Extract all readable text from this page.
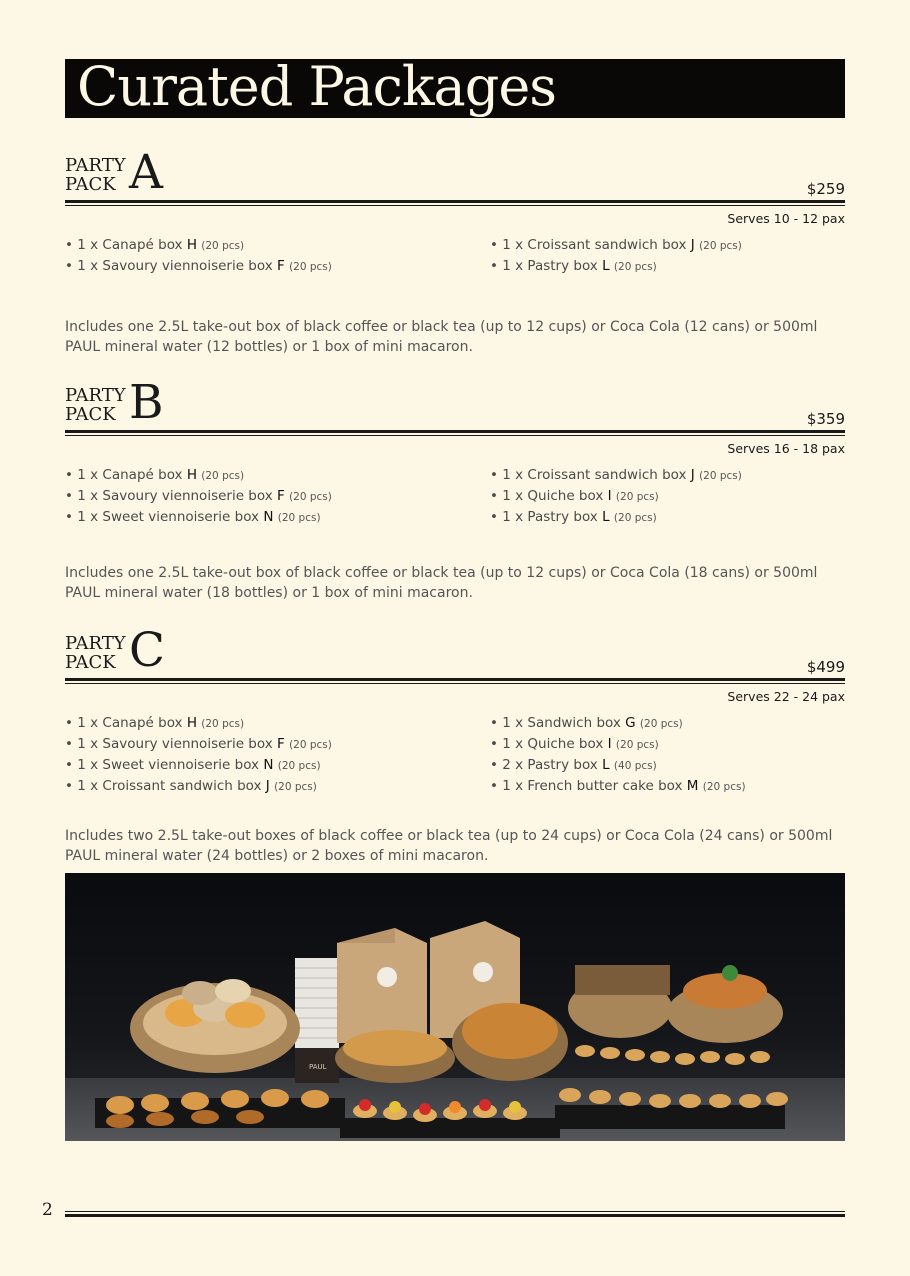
Curated Packages
PARTY
PACK A	$259
Serves 10 - 12 pax
• 1 x Canapé box H (20 pcs)
• 1 x Savoury viennoiserie box F (20 pcs)
• 1 x Croissant sandwich box J (20 pcs)
• 1 x Pastry box L (20 pcs)
Includes one 2.5L take-out box of black coffee or black tea (up to 12 cups) or Coca Cola (12 cans) or 500ml PAUL mineral water (12 bottles) or 1 box of mini macaron.
PARTY
PACK B	$359
Serves 16 - 18 pax
• 1 x Canapé box H (20 pcs)
• 1 x Savoury viennoiserie box F (20 pcs)
• 1 x Sweet viennoiserie box N (20 pcs)
• 1 x Croissant sandwich box J (20 pcs)
• 1 x Quiche box I (20 pcs)
• 1 x Pastry box L (20 pcs)
Includes one 2.5L take-out box of black coffee or black tea (up to 12 cups) or Coca Cola (18 cans) or 500ml PAUL mineral water (18 bottles) or 1 box of mini macaron.
PARTY
PACK C	$499
Serves 22 - 24 pax
• 1 x Canapé box H (20 pcs)
• 1 x Savoury viennoiserie box F (20 pcs)
• 1 x Sweet viennoiserie box N (20 pcs)
• 1 x Croissant sandwich box J (20 pcs)
• 1 x Sandwich box G (20 pcs)
• 1 x Quiche box I (20 pcs)
• 2 x Pastry box L (40 pcs)
• 1 x French butter cake box M (20 pcs)
Includes two 2.5L take-out boxes of black coffee or black tea (up to 24 cups) or Coca Cola (24 cans) or 500ml PAUL mineral water (24 bottles) or 2 boxes of mini macaron.
PAUL
2
